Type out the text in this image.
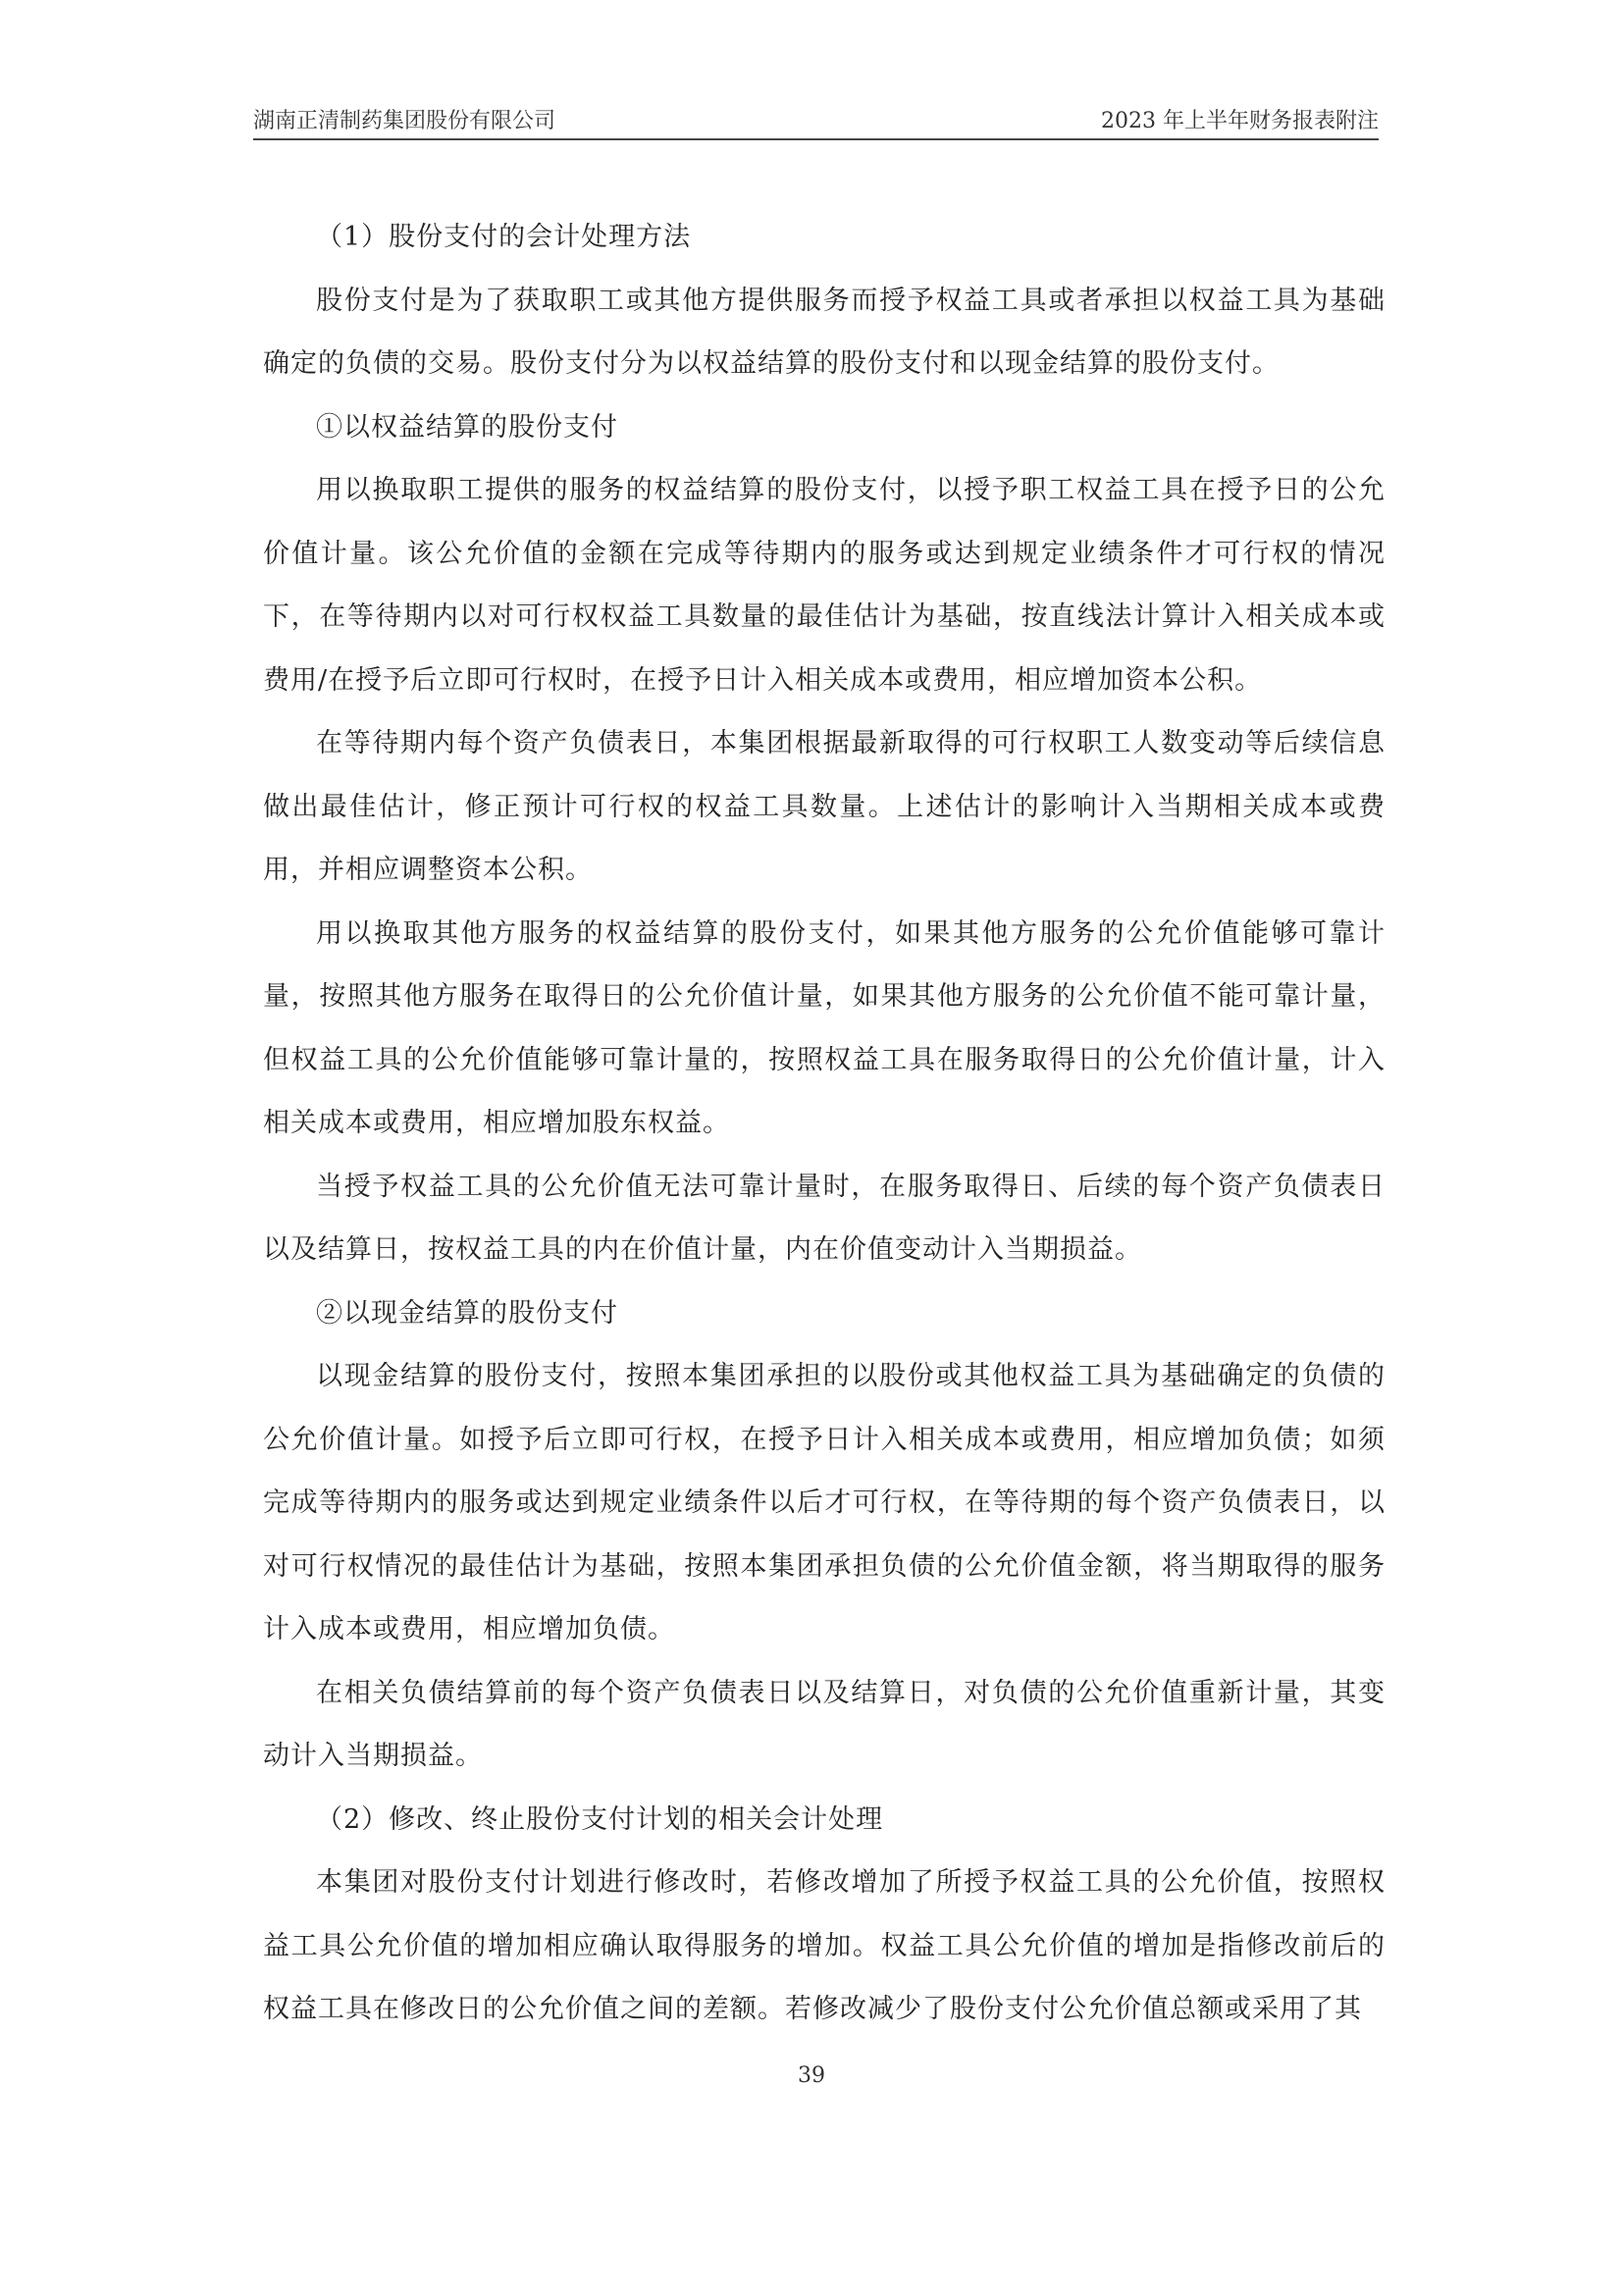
湖南正清制药集团股份有限公司	2023 年上半年财务报表附注

（1）股份支付的会计处理方法

股份支付是为了获取职工或其他方提供服务而授予权益工具或者承担以权益工具为基础确定的负债的交易。股份支付分为以权益结算的股份支付和以现金结算的股份支付。

①以权益结算的股份支付

用以换取职工提供的服务的权益结算的股份支付，以授予职工权益工具在授予日的公允价值计量。该公允价值的金额在完成等待期内的服务或达到规定业绩条件才可行权的情况下，在等待期内以对可行权权益工具数量的最佳估计为基础，按直线法计算计入相关成本或费用/在授予后立即可行权时，在授予日计入相关成本或费用，相应增加资本公积。

在等待期内每个资产负债表日，本集团根据最新取得的可行权职工人数变动等后续信息做出最佳估计，修正预计可行权的权益工具数量。上述估计的影响计入当期相关成本或费用，并相应调整资本公积。

用以换取其他方服务的权益结算的股份支付，如果其他方服务的公允价值能够可靠计量，按照其他方服务在取得日的公允价值计量，如果其他方服务的公允价值不能可靠计量，但权益工具的公允价值能够可靠计量的，按照权益工具在服务取得日的公允价值计量，计入相关成本或费用，相应增加股东权益。

当授予权益工具的公允价值无法可靠计量时，在服务取得日、后续的每个资产负债表日以及结算日，按权益工具的内在价值计量，内在价值变动计入当期损益。

②以现金结算的股份支付

以现金结算的股份支付，按照本集团承担的以股份或其他权益工具为基础确定的负债的公允价值计量。如授予后立即可行权，在授予日计入相关成本或费用，相应增加负债；如须完成等待期内的服务或达到规定业绩条件以后才可行权，在等待期的每个资产负债表日，以对可行权情况的最佳估计为基础，按照本集团承担负债的公允价值金额，将当期取得的服务计入成本或费用，相应增加负债。

在相关负债结算前的每个资产负债表日以及结算日，对负债的公允价值重新计量，其变动计入当期损益。

（2）修改、终止股份支付计划的相关会计处理

本集团对股份支付计划进行修改时，若修改增加了所授予权益工具的公允价值，按照权益工具公允价值的增加相应确认取得服务的增加。权益工具公允价值的增加是指修改前后的权益工具在修改日的公允价值之间的差额。若修改减少了股份支付公允价值总额或采用了其

39
